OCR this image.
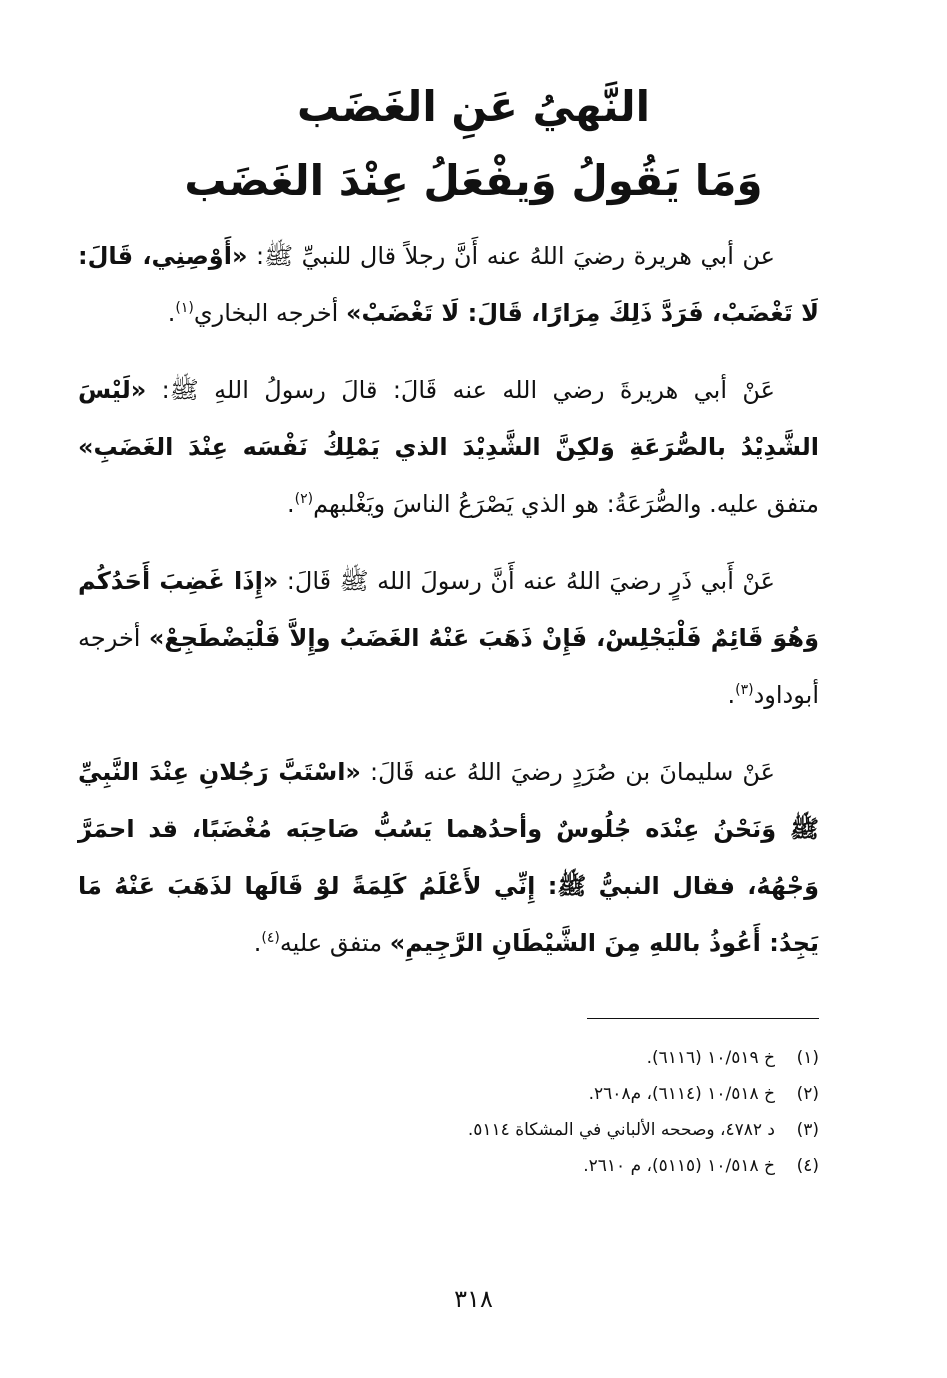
النَّهيُ عَنِ الغَضَب
وَمَا يَقُولُ وَيفْعَلُ عِنْدَ الغَضَب

عن أبي هريرة رضيَ اللهُ عنه أَنَّ رجلاً قال للنبيِّ ﷺ: «أَوْصِنِي، قَالَ: لَا تَغْضَبْ، فَرَدَّ ذَلِكَ مِرَارًا، قَالَ: لَا تَغْضَبْ» أخرجه البخاري$^{(١)}$.

عَنْ أبي هريرةَ رضي الله عنه قَالَ: قالَ رسولُ اللهِ ﷺ: «لَيْسَ الشَّدِيْدُ بالصُّرَعَةِ وَلكِنَّ الشَّدِيْدَ الذي يَمْلِكُ نَفْسَه عِنْدَ الغَضَبِ» متفق عليه. والصُّرَعَةُ: هو الذي يَصْرَعُ الناسَ ويَغْلبهم$^{(٢)}$.

عَنْ أَبي ذَرٍ رضيَ اللهُ عنه أَنَّ رسولَ الله ﷺ قَالَ: «إِذَا غَضِبَ أَحَدُكُم وَهُوَ قَائِمٌ فَلْيَجْلِسْ، فَإِنْ ذَهَبَ عَنْهُ الغَضَبُ وإِلاَّ فَلْيَضْطَجِعْ» أخرجه أبوداود$^{(٣)}$.

عَنْ سليمانَ بن صُرَدٍ رضيَ اللهُ عنه قَالَ: «اسْتَبَّ رَجُلانِ عِنْدَ النَّبِيِّ ﷺ وَنَحْنُ عِنْدَه جُلُوسٌ وأحدُهما يَسُبُّ صَاحِبَه مُغْضَبًا، قد احمَرَّ وَجْهُهُ، فقال النبيُّ ﷺ: إِنِّي لأَعْلَمُ كَلِمَةً لوْ قَالَها لذَهَبَ عَنْهُ مَا يَجِدُ: أَعُوذُ باللهِ مِنَ الشَّيْطَانِ الرَّجِيمِ» متفق عليه$^{(٤)}$.

(١)
خ ١٠/٥١٩ (٦١١٦).
(٢)
خ ١٠/٥١٨ (٦١١٤)، م٢٦٠٨.
(٣)
د ٤٧٨٢، وصححه الألباني في المشكاة ٥١١٤.
(٤)
خ ١٠/٥١٨ (٥١١٥)، م ٢٦١٠.
٣١٨
